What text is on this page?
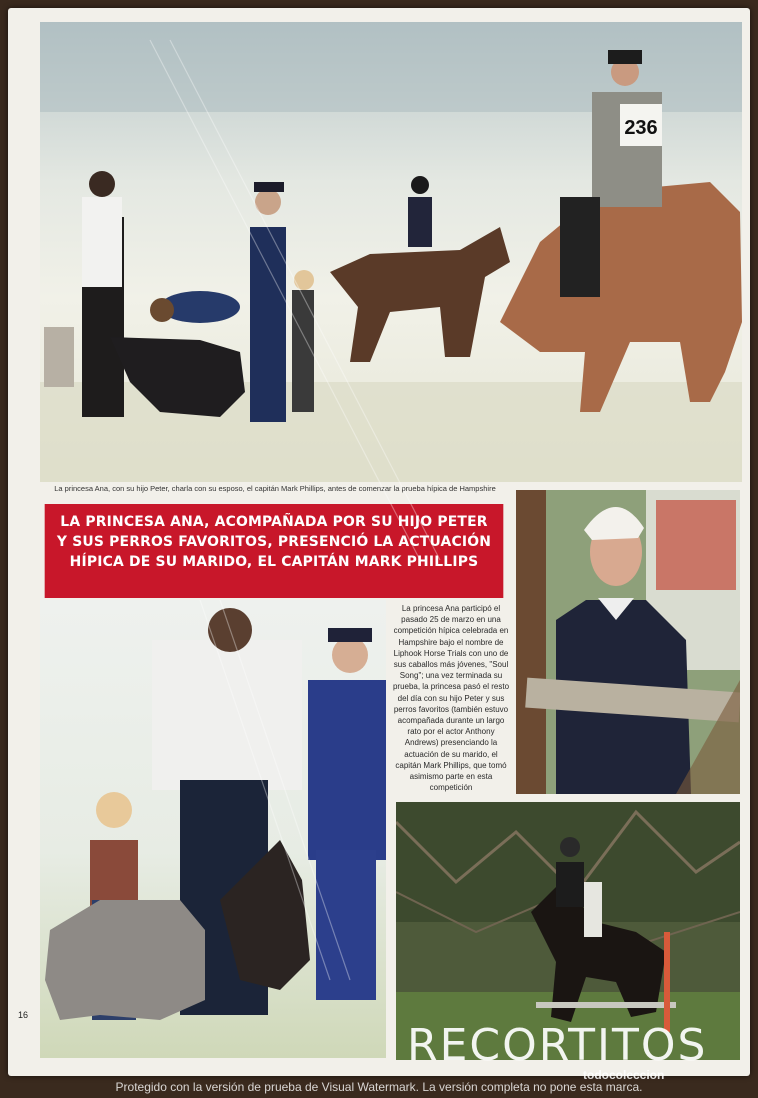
236
La princesa Ana, con su hijo Peter, charla con su esposo, el capitán Mark Phillips, antes de comenzar la prueba hípica de Hampshire
LA PRINCESA ANA, ACOMPAÑADA POR SU HIJO PETER Y SUS PERROS FAVORITOS, PRESENCIÓ LA ACTUACIÓN HÍPICA DE SU MARIDO, EL CAPITÁN MARK PHILLIPS
La princesa Ana participó el pasado 25 de marzo en una competición hípica celebrada en Hampshire bajo el nombre de Liphook Horse Trials con uno de sus caballos más jóvenes, "Soul Song"; una vez terminada su prueba, la princesa pasó el resto del día con su hijo Peter y sus perros favoritos (también estuvo acompañada durante un largo rato por el actor Anthony Andrews) presenciando la actuación de su marido, el capitán Mark Phillips, que tomó asimismo parte en esta competición
16
RECORTITOS
todocoleccion
Protegido con la versión de prueba de Visual Watermark. La versión completa no pone esta marca.
